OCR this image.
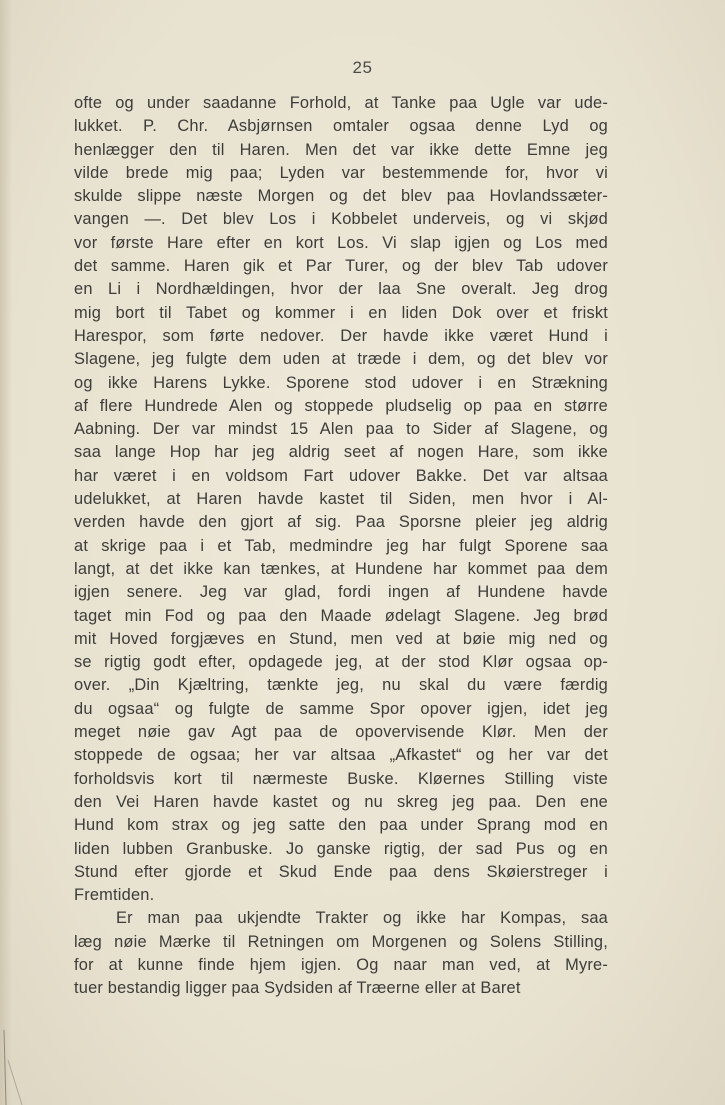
25
ofte og under saadanne Forhold, at Tanke paa Ugle var ude-
lukket. P. Chr. Asbjørnsen omtaler ogsaa denne Lyd og
henlægger den til Haren. Men det var ikke dette Emne jeg
vilde brede mig paa; Lyden var bestemmende for, hvor vi
skulde slippe næste Morgen og det blev paa Hovlandssæter-
vangen —. Det blev Los i Kobbelet underveis, og vi skjød
vor første Hare efter en kort Los. Vi slap igjen og Los med
det samme. Haren gik et Par Turer, og der blev Tab udover
en Li i Nordhældingen, hvor der laa Sne overalt. Jeg drog
mig bort til Tabet og kommer i en liden Dok over et friskt
Harespor, som førte nedover. Der havde ikke været Hund i
Slagene, jeg fulgte dem uden at træde i dem, og det blev vor
og ikke Harens Lykke. Sporene stod udover i en Strækning
af flere Hundrede Alen og stoppede pludselig op paa en større
Aabning. Der var mindst 15 Alen paa to Sider af Slagene, og
saa lange Hop har jeg aldrig seet af nogen Hare, som ikke
har været i en voldsom Fart udover Bakke. Det var altsaa
udelukket, at Haren havde kastet til Siden, men hvor i Al-
verden havde den gjort af sig. Paa Sporsne pleier jeg aldrig
at skrige paa i et Tab, medmindre jeg har fulgt Sporene saa
langt, at det ikke kan tænkes, at Hundene har kommet paa dem
igjen senere. Jeg var glad, fordi ingen af Hundene havde
taget min Fod og paa den Maade ødelagt Slagene. Jeg brød
mit Hoved forgjæves en Stund, men ved at bøie mig ned og
se rigtig godt efter, opdagede jeg, at der stod Klør ogsaa op-
over. „Din Kjæltring, tænkte jeg, nu skal du være færdig
du ogsaa“ og fulgte de samme Spor opover igjen, idet jeg
meget nøie gav Agt paa de opovervisende Klør. Men der
stoppede de ogsaa; her var altsaa „Afkastet“ og her var det
forholdsvis kort til nærmeste Buske. Kløernes Stilling viste
den Vei Haren havde kastet og nu skreg jeg paa. Den ene
Hund kom strax og jeg satte den paa under Sprang mod en
liden lubben Granbuske. Jo ganske rigtig, der sad Pus og en
Stund efter gjorde et Skud Ende paa dens Skøierstreger i
Fremtiden.
Er man paa ukjendte Trakter og ikke har Kompas, saa
læg nøie Mærke til Retningen om Morgenen og Solens Stilling,
for at kunne finde hjem igjen. Og naar man ved, at Myre-
tuer bestandig ligger paa Sydsiden af Træerne eller at Baret
